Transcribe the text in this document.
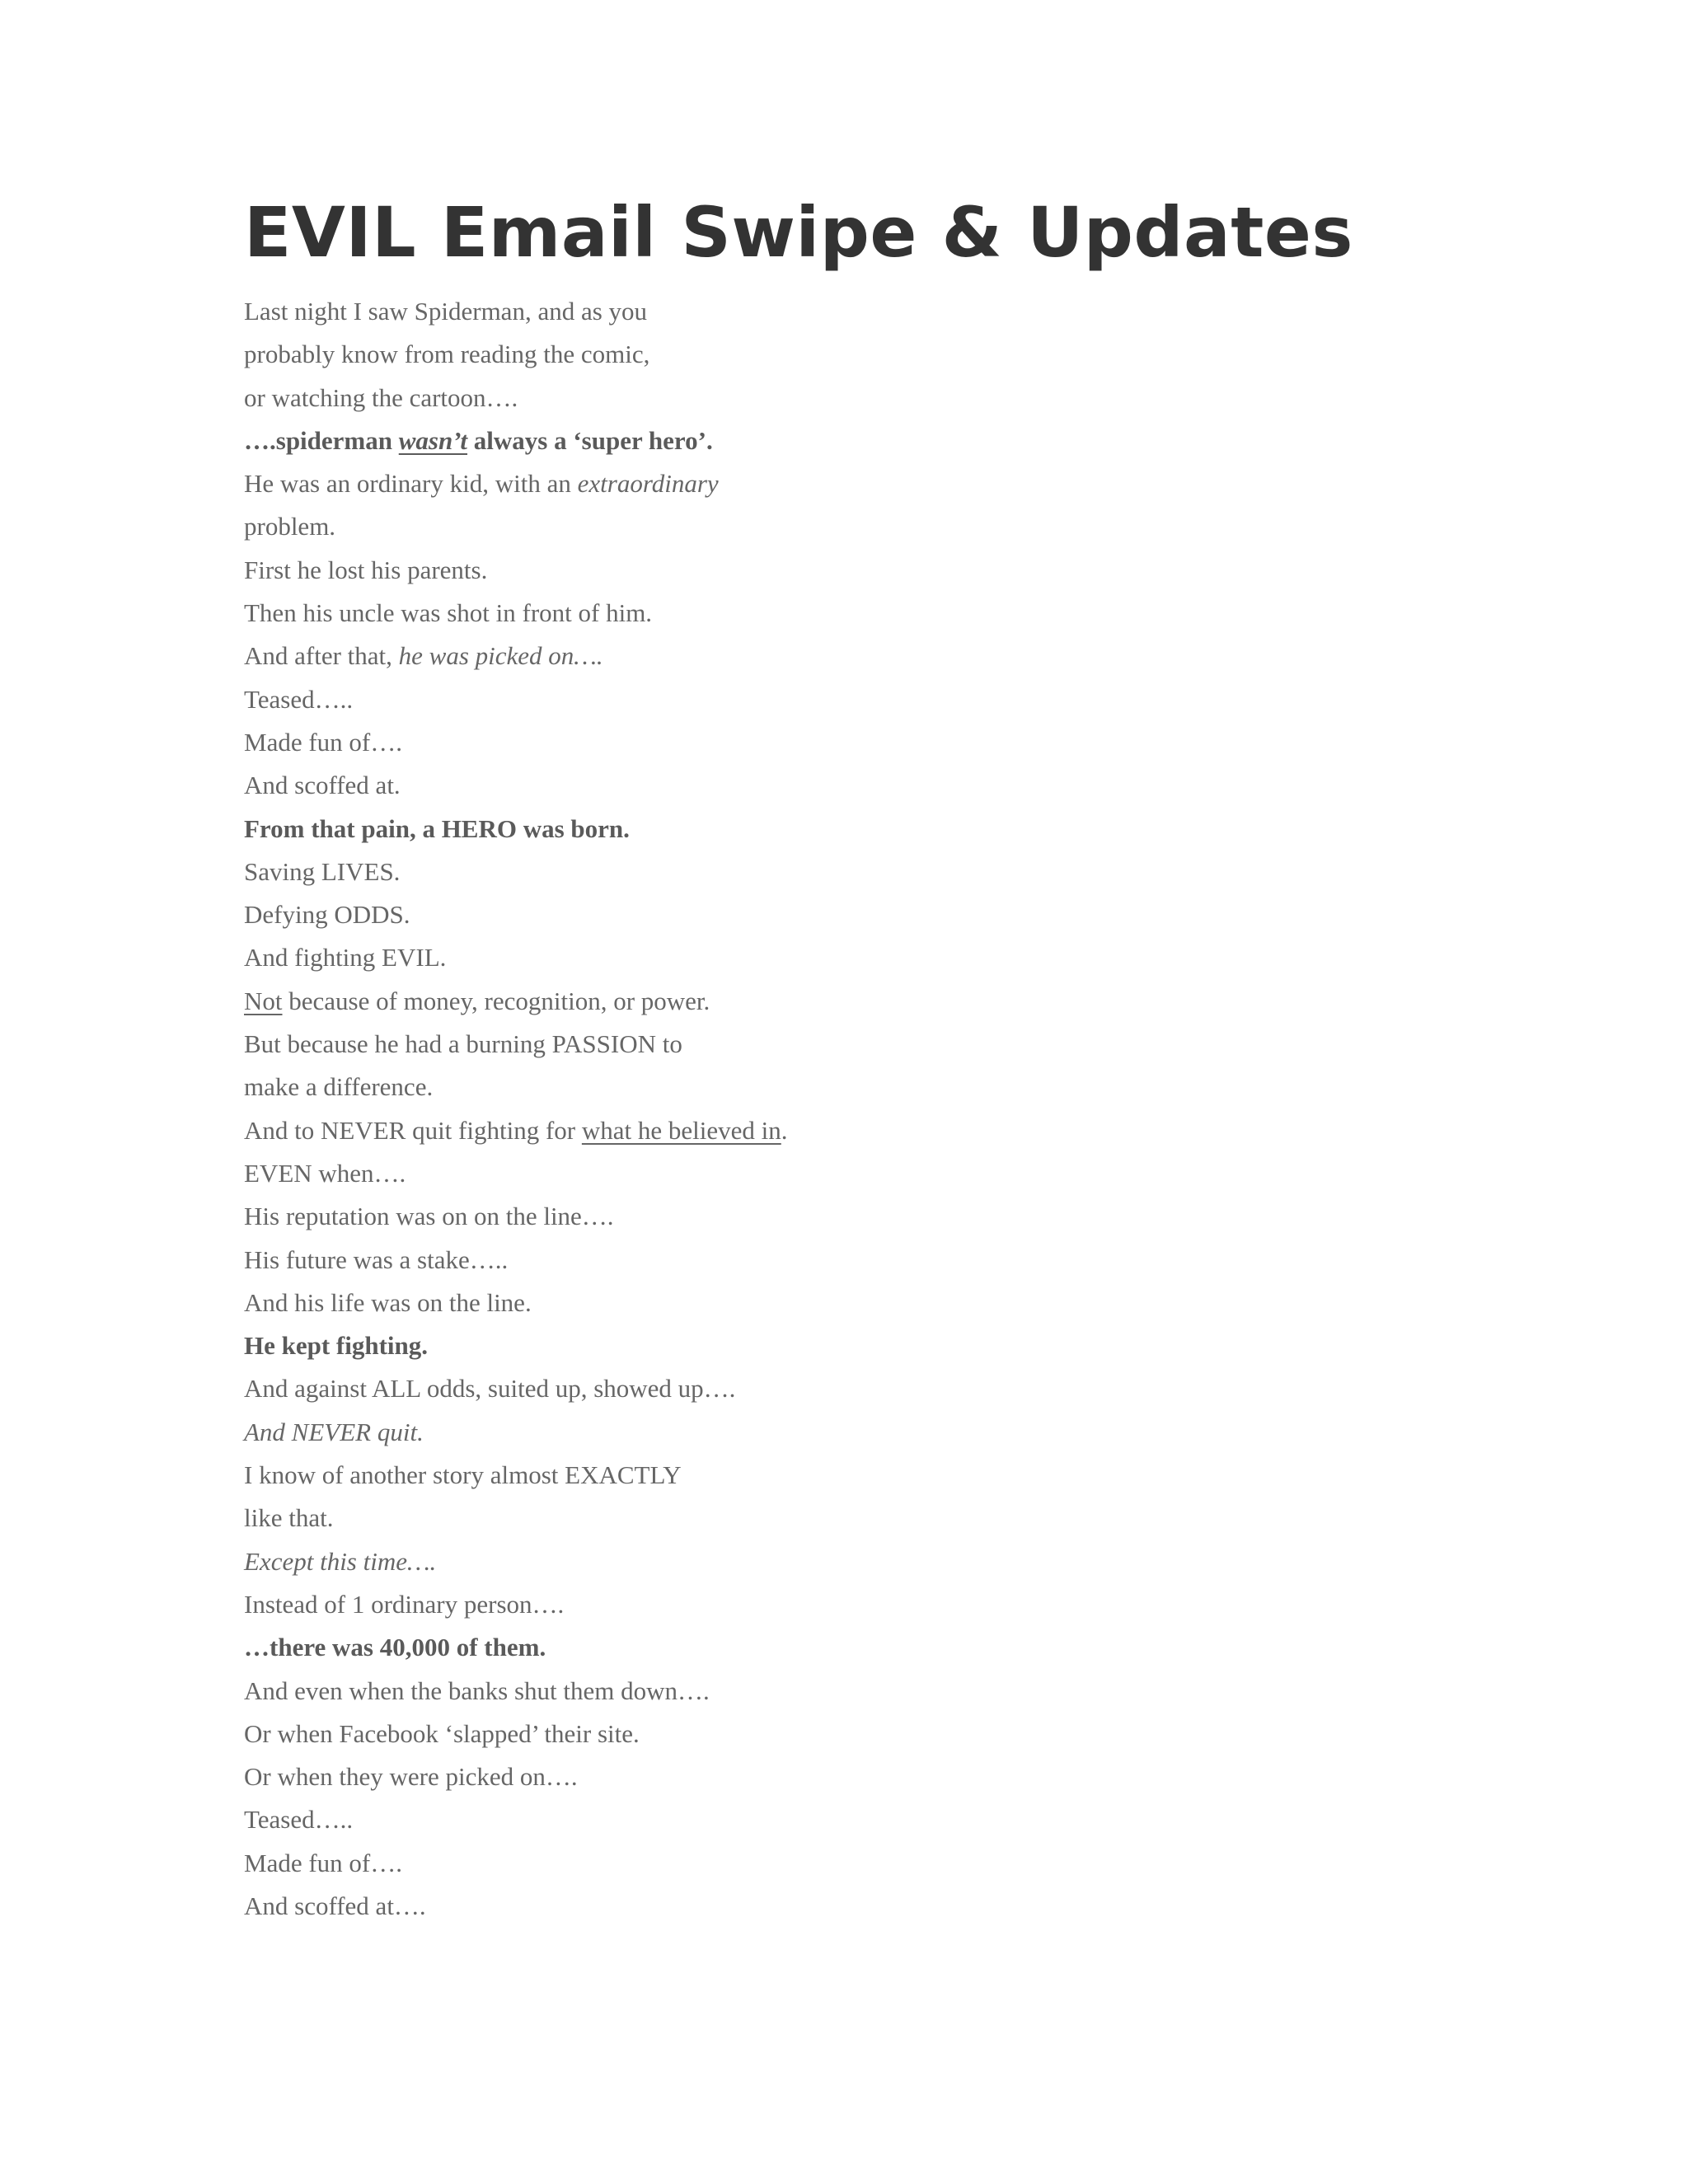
EVIL Email Swipe & Updates
Last night I saw Spiderman, and as you
probably know from reading the comic,
or watching the cartoon….
….spiderman wasn’t always a ‘super hero’.
He was an ordinary kid, with an extraordinary
problem.
First he lost his parents.
Then his uncle was shot in front of him.
And after that, he was picked on….
Teased…..
Made fun of….
And scoffed at.
From that pain, a HERO was born.
Saving LIVES.
Defying ODDS.
And fighting EVIL.
Not because of money, recognition, or power.
But because he had a burning PASSION to
make a difference.
And to NEVER quit fighting for what he believed in.
EVEN when….
His reputation was on on the line….
His future was a stake…..
And his life was on the line.
He kept fighting.
And against ALL odds, suited up, showed up….
And NEVER quit.
I know of another story almost EXACTLY
like that.
Except this time….
Instead of 1 ordinary person….
…there was 40,000 of them.
And even when the banks shut them down….
Or when Facebook ‘slapped’ their site.
Or when they were picked on….
Teased…..
Made fun of….
And scoffed at….
